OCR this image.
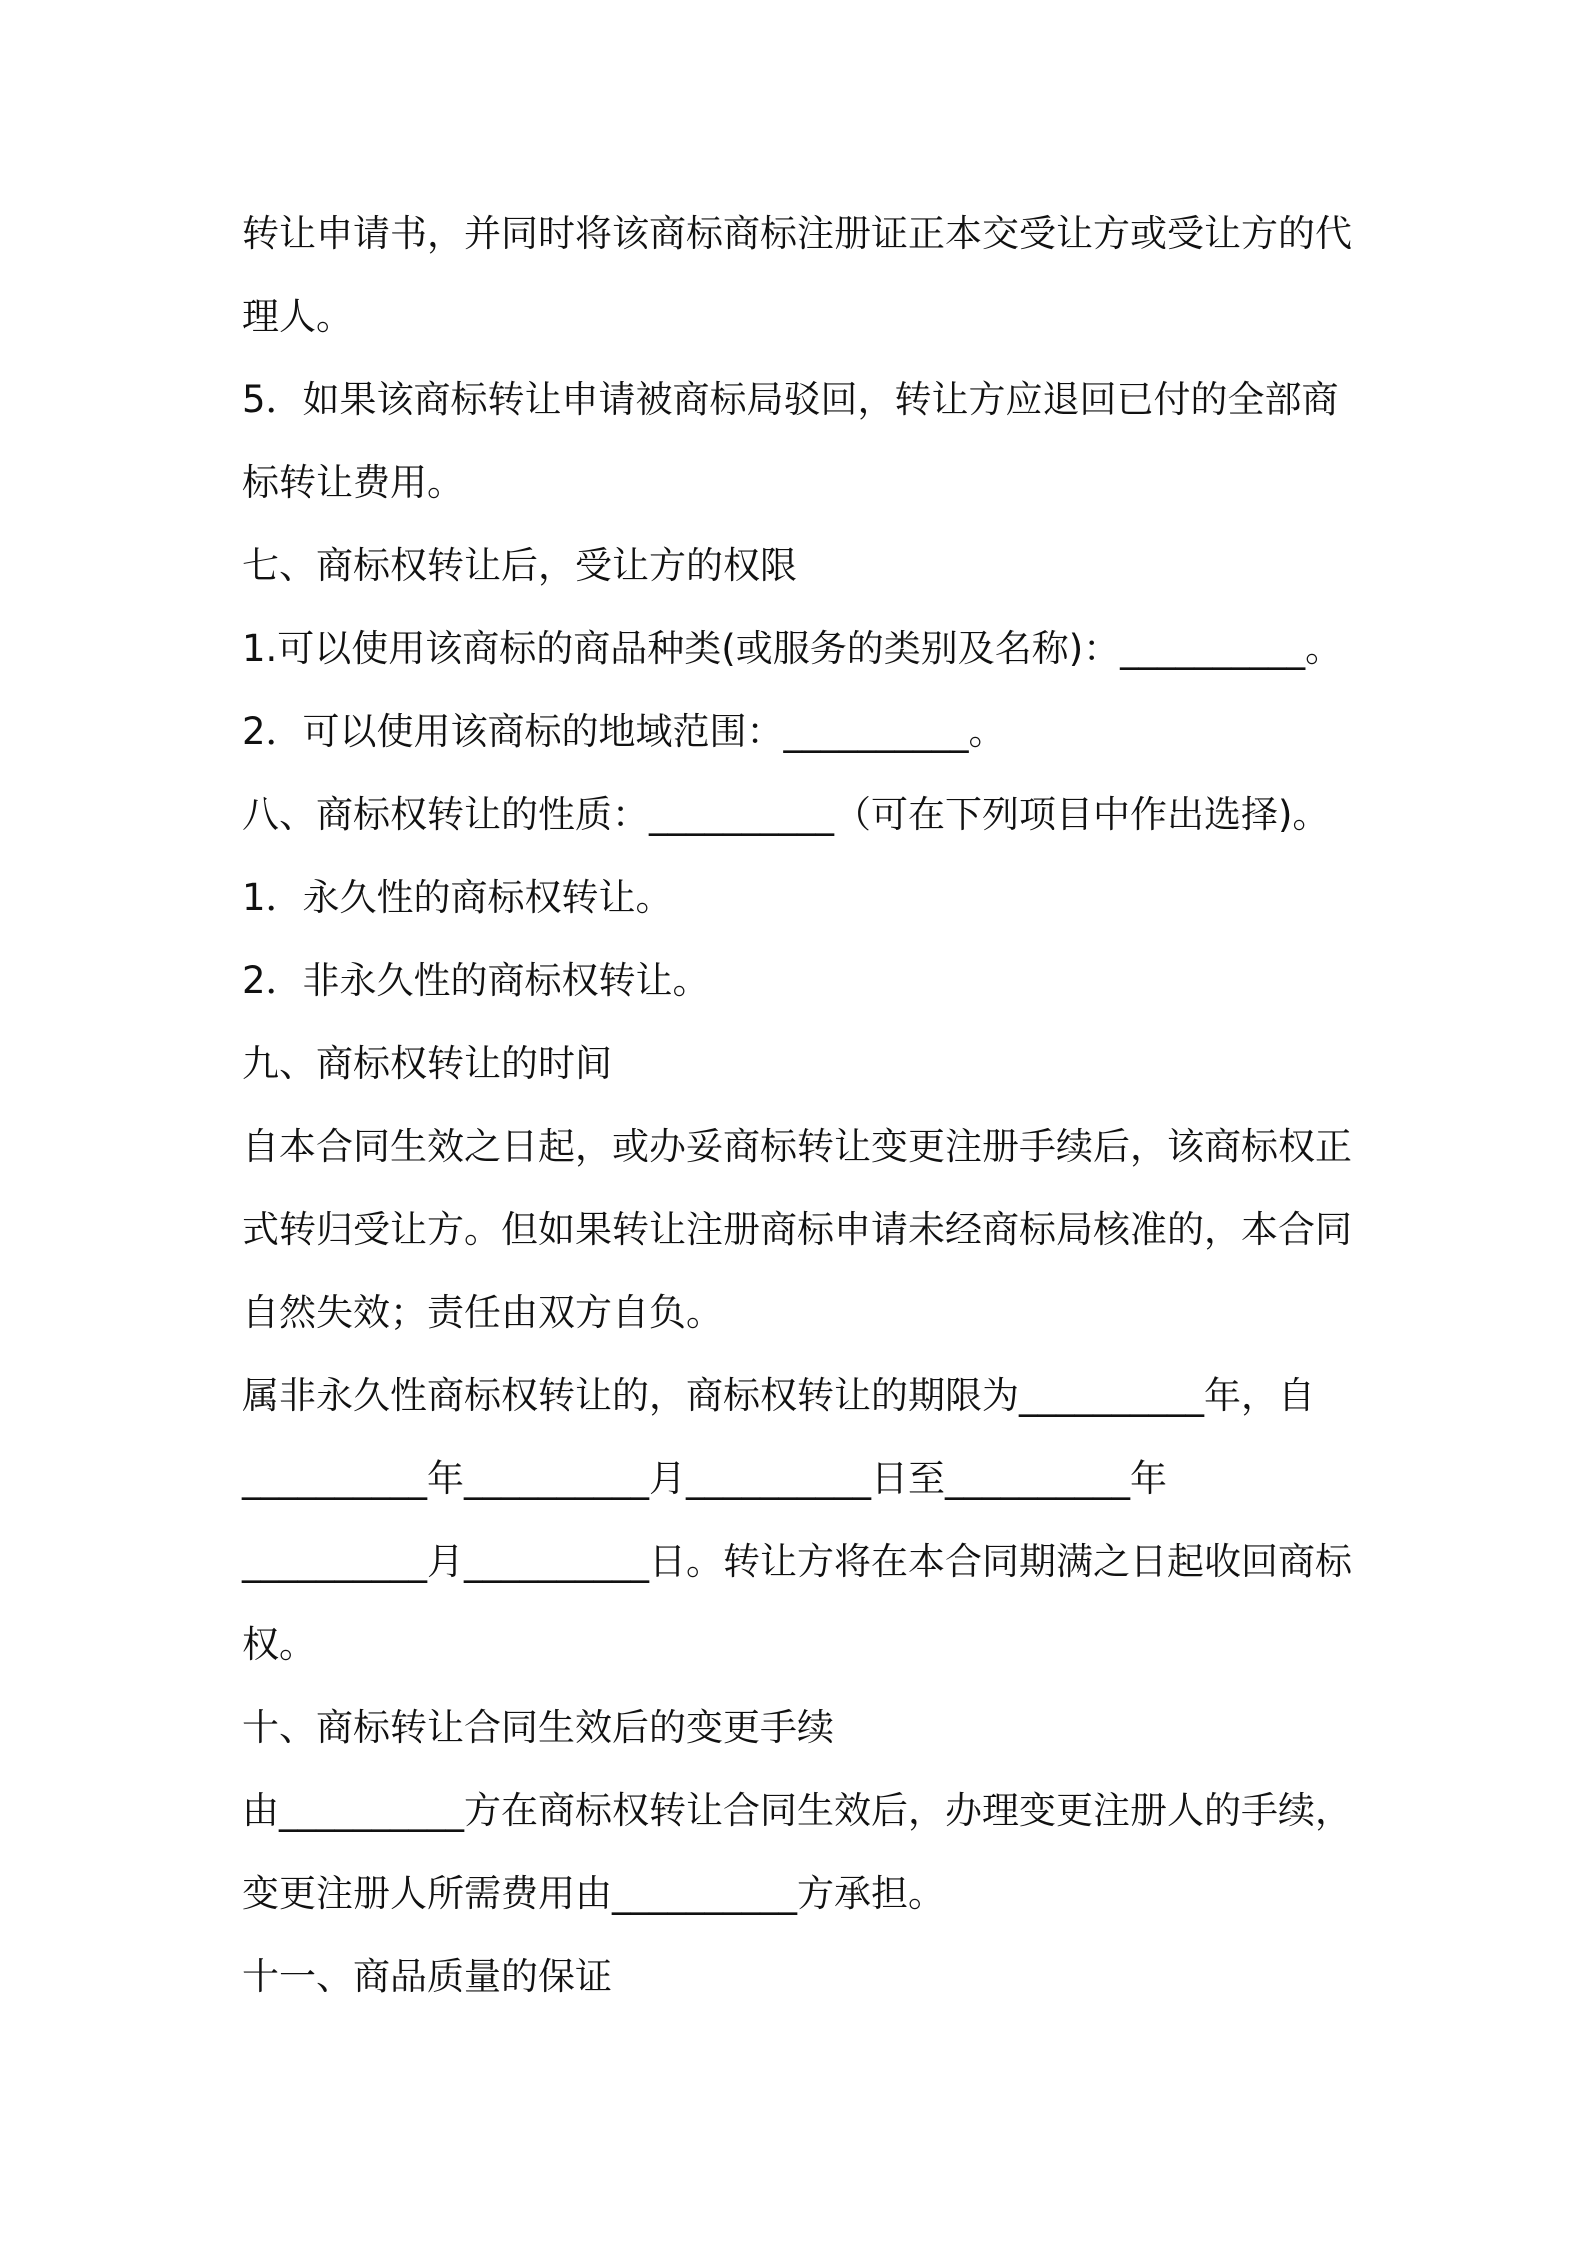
转让申请书，并同时将该商标商标注册证正本交受让方或受让方的代
理人。
5．如果该商标转让申请被商标局驳回，转让方应退回已付的全部商
标转让费用。
七、商标权转让后，受让方的权限
1.可以使用该商标的商品种类(或服务的类别及名称)：__________。
2．可以使用该商标的地域范围：__________。
八、商标权转让的性质：__________（可在下列项目中作出选择)。
1．永久性的商标权转让。
2．非永久性的商标权转让。
九、商标权转让的时间
自本合同生效之日起，或办妥商标转让变更注册手续后，该商标权正
式转归受让方。但如果转让注册商标申请未经商标局核准的，本合同
自然失效；责任由双方自负。
属非永久性商标权转让的，商标权转让的期限为__________年，自
__________年__________月__________日至__________年
__________月__________日。转让方将在本合同期满之日起收回商标
权。
十、商标转让合同生效后的变更手续
由__________方在商标权转让合同生效后，办理变更注册人的手续，
变更注册人所需费用由__________方承担。
十一、商品质量的保证
